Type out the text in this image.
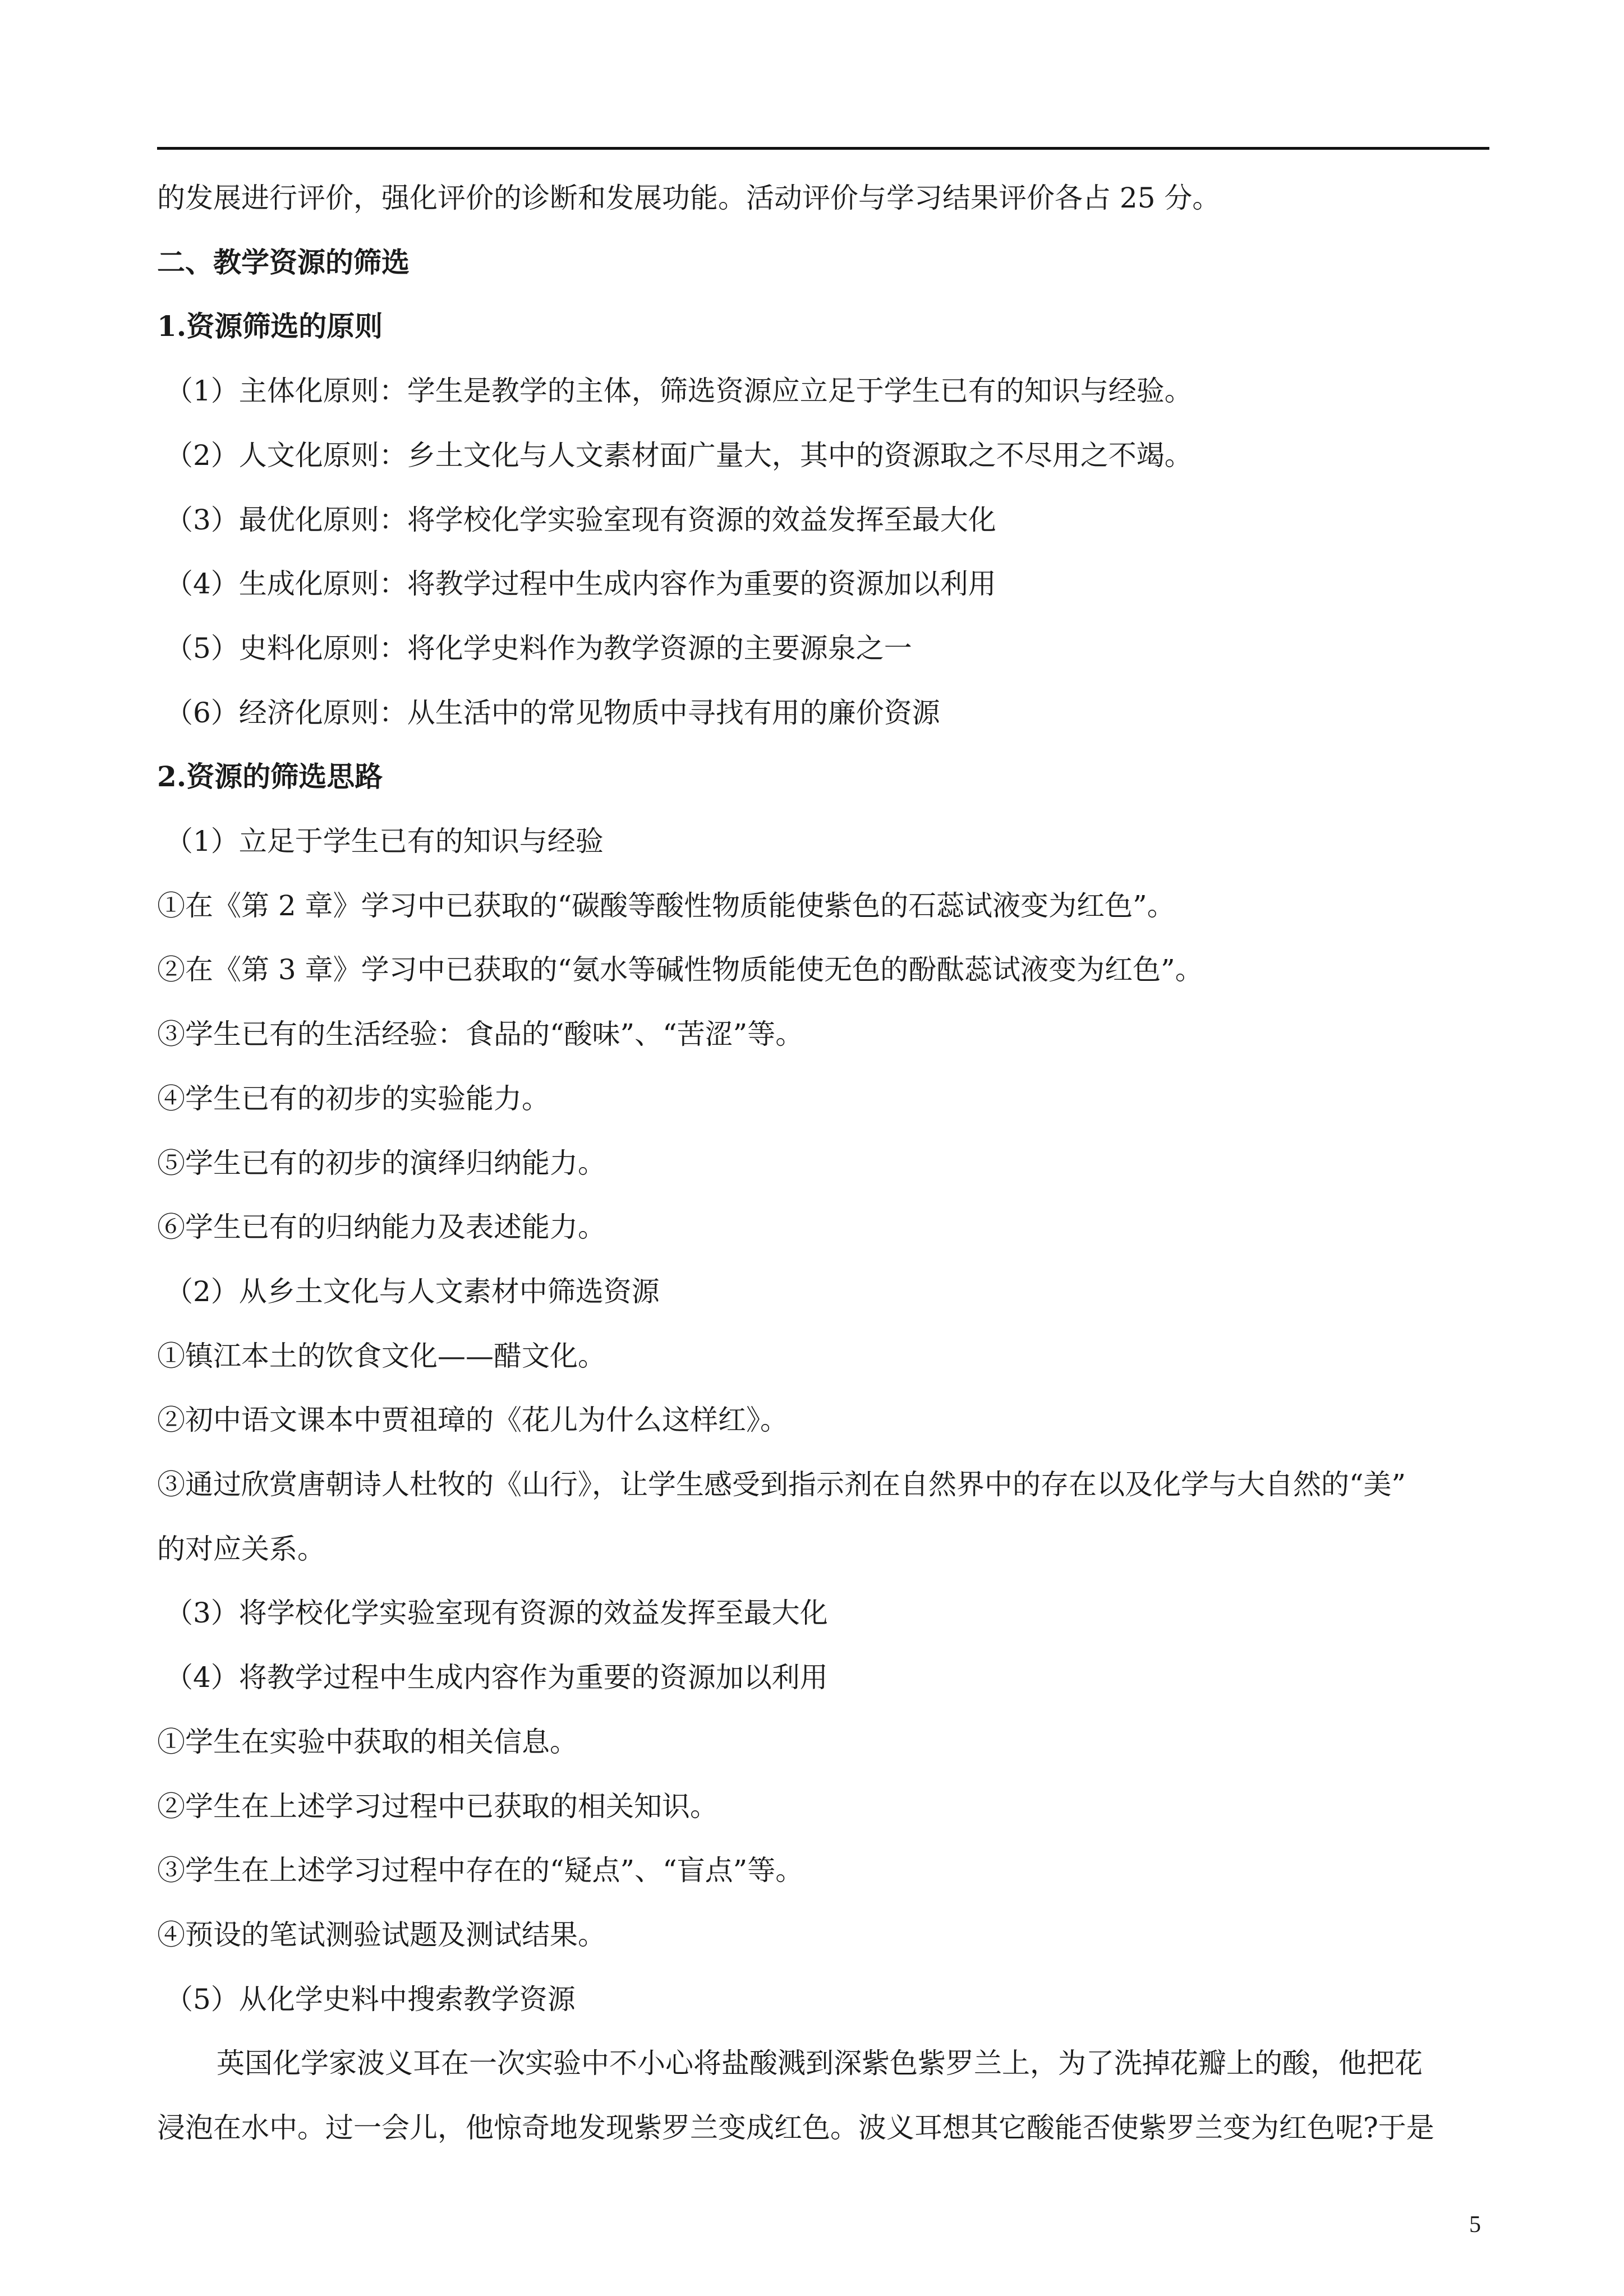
的发展进行评价，强化评价的诊断和发展功能。活动评价与学习结果评价各占 25 分。
二、教学资源的筛选
1.资源筛选的原则
（1）主体化原则：学生是教学的主体，筛选资源应立足于学生已有的知识与经验。
（2）人文化原则：乡土文化与人文素材面广量大，其中的资源取之不尽用之不竭。
（3）最优化原则：将学校化学实验室现有资源的效益发挥至最大化
（4）生成化原则：将教学过程中生成内容作为重要的资源加以利用
（5）史料化原则：将化学史料作为教学资源的主要源泉之一
（6）经济化原则：从生活中的常见物质中寻找有用的廉价资源
2.资源的筛选思路
（1）立足于学生已有的知识与经验
①在《第 2 章》学习中已获取的“碳酸等酸性物质能使紫色的石蕊试液变为红色”。
②在《第 3 章》学习中已获取的“氨水等碱性物质能使无色的酚酞蕊试液变为红色”。
③学生已有的生活经验：食品的“酸味”、“苦涩”等。
④学生已有的初步的实验能力。
⑤学生已有的初步的演绎归纳能力。
⑥学生已有的归纳能力及表述能力。
（2）从乡土文化与人文素材中筛选资源
①镇江本土的饮食文化——醋文化。
②初中语文课本中贾祖璋的《花儿为什么这样红》。
③通过欣赏唐朝诗人杜牧的《山行》，让学生感受到指示剂在自然界中的存在以及化学与大自然的“美”
的对应关系。
（3）将学校化学实验室现有资源的效益发挥至最大化
（4）将教学过程中生成内容作为重要的资源加以利用
①学生在实验中获取的相关信息。
②学生在上述学习过程中已获取的相关知识。
③学生在上述学习过程中存在的“疑点”、“盲点”等。
④预设的笔试测验试题及测试结果。
（5）从化学史料中搜索教学资源
英国化学家波义耳在一次实验中不小心将盐酸溅到深紫色紫罗兰上，为了洗掉花瓣上的酸，他把花
浸泡在水中。过一会儿，他惊奇地发现紫罗兰变成红色。波义耳想其它酸能否使紫罗兰变为红色呢?于是
5
